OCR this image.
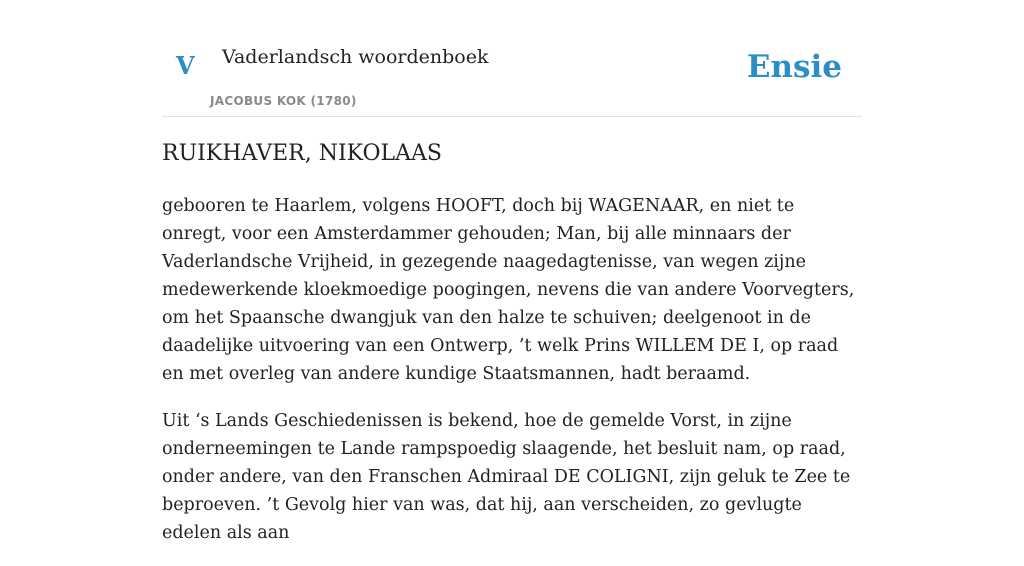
V Vaderlandsch woordenboek
JACOBUS KOK (1780)
Ensie
RUIKHAVER, NIKOLAAS

gebooren te Haarlem, volgens HOOFT, doch bij WAGENAAR, en niet te onregt, voor een Amsterdammer gehouden; Man, bij alle minnaars der Vaderlandsche Vrijheid, in gezegende naagedagtenisse, van wegen zijne medewerkende kloekmoedige poogingen, nevens die van andere Voorvegters, om het Spaansche dwangjuk van den halze te schuiven; deelgenoot in de daadelijke uitvoering van een Ontwerp, ’t welk Prins WILLEM DE I, op raad en met overleg van andere kundige Staatsmannen, hadt beraamd.

Uit ‘s Lands Geschiedenissen is bekend, hoe de gemelde Vorst, in zijne onderneemingen te Lande rampspoedig slaagende, het besluit nam, op raad, onder andere, van den Franschen Admiraal DE COLIGNI, zijn geluk te Zee te beproeven. ’t Gevolg hier van was, dat hij, aan verscheiden, zo gevlugte edelen als aan
